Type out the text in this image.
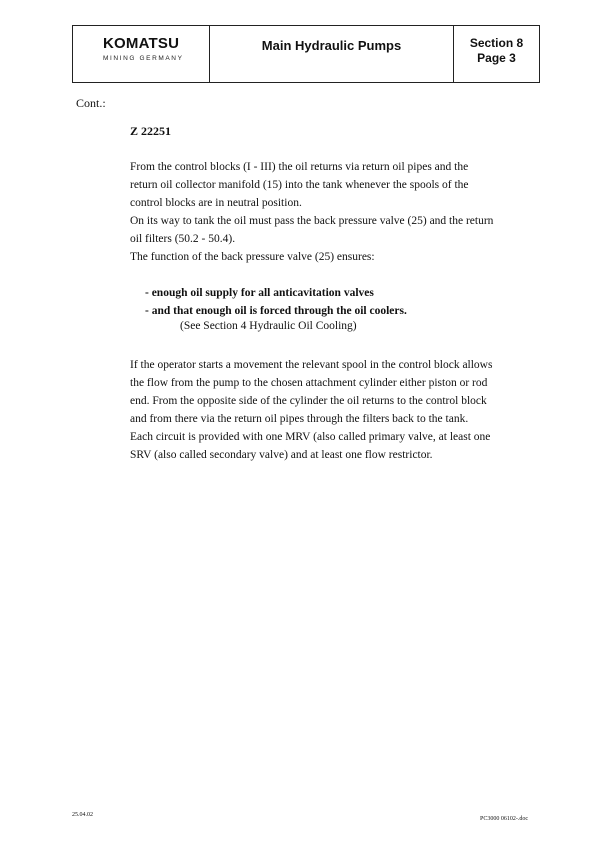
KOMATSU
MINING GERMANY
Main Hydraulic Pumps	Section 8
Page 3
Cont.:
Z 22251
From the control blocks (I - III) the oil returns via return oil pipes and the
return oil collector manifold (15) into the tank whenever the spools of the
control blocks are in neutral position.
On its way to tank the oil must pass the back pressure valve (25) and the return
oil filters (50.2 - 50.4).
The function of the back pressure valve (25) ensures:
- enough oil supply for all anticavitation valves
- and that enough oil is forced through the oil coolers.
(See Section 4 Hydraulic Oil Cooling)
If the operator starts a movement the relevant spool in the control block allows
the flow from the pump to the chosen attachment cylinder either piston or rod
end. From the opposite side of the cylinder the oil returns to the control block
and from there via the return oil pipes through the filters back to the tank.
Each circuit is provided with one MRV (also called primary valve, at least one
SRV (also called secondary valve) and at least one flow restrictor.
25.04.02
PC3000 06102-.doc
